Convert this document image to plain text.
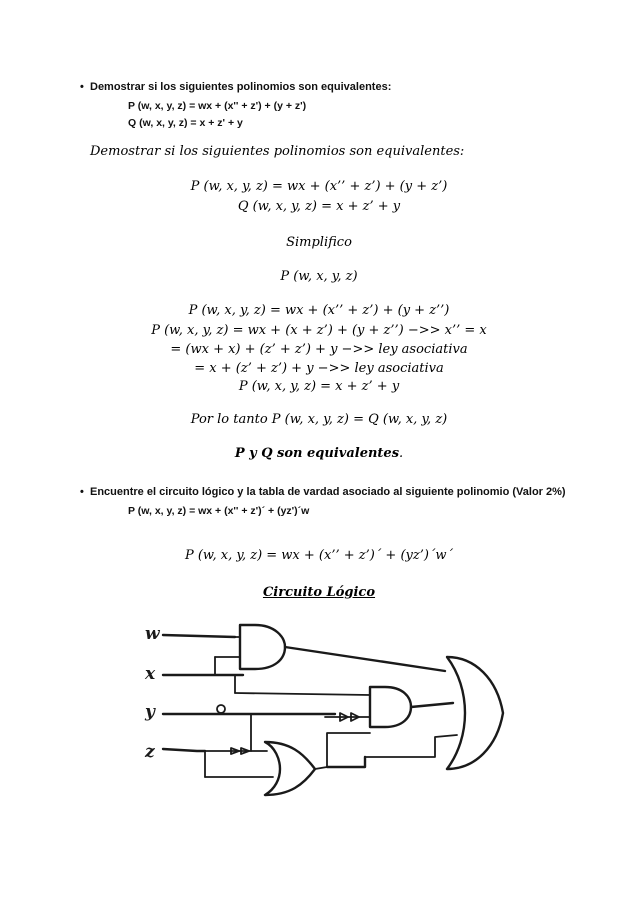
• Demostrar si los siguientes polinomios son equivalentes:
P (w, x, y, z) = wx + (x'' + z') + (y + z')
Q (w, x, y, z) = x + z' + y
Demostrar si los siguientes polinomios son equivalentes:
P (w, x, y, z) = wx + (x’’ + z’) + (y + z’)
Q (w, x, y, z) = x + z’ + y
Simplifico
P (w, x, y, z)
P (w, x, y, z) = wx + (x’’ + z’) + (y + z’’)
P (w, x, y, z) = wx + (x + z’) + (y + z’’) −>> x’’ = x
= (wx + x) + (z’ + z’) + y −>> ley asociativa
= x + (z’ + z’) + y −>> ley asociativa
P (w, x, y, z) = x + z’ + y
Por lo tanto P (w, x, y, z) = Q (w, x, y, z)
P y Q son equivalentes.
• Encuentre el circuito lógico y la tabla de vardad asociado al siguiente polinomio (Valor 2%)
P (w, x, y, z) = wx + (x'' + z')´ + (yz')´w
P (w, x, y, z) = wx + (x’’ + z’)´ + (yz’)´w´
Circuito Lógico
w
x
y
z
